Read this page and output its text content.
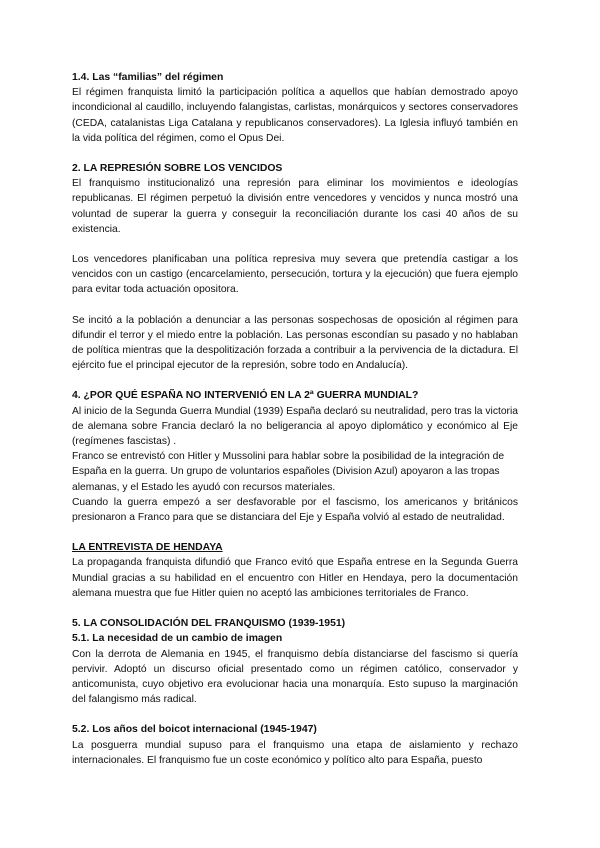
1.4. Las “familias” del régimen

El régimen franquista limitó la participación política a aquellos que habían demostrado apoyo incondicional al caudillo, incluyendo falangistas, carlistas, monárquicos y sectores conservadores (CEDA, catalanistas Liga Catalana y republicanos conservadores). La Iglesia influyó también en la vida política del régimen, como el Opus Dei.

2. LA REPRESIÓN SOBRE LOS VENCIDOS

El franquismo institucionalizó una represión para eliminar los movimientos e ideologías republicanas. El régimen perpetuó la división entre vencedores y vencidos y nunca mostró una voluntad de superar la guerra y conseguir la reconciliación durante los casi 40 años de su existencia.

Los vencedores planificaban una política represiva muy severa que pretendía castigar a los vencidos con un castigo (encarcelamiento, persecución, tortura y la ejecución) que fuera ejemplo para evitar toda actuación opositora.

Se incitó a la población a denunciar a las personas sospechosas de oposición al régimen para difundir el terror y el miedo entre la población. Las personas escondían su pasado y no hablaban de política mientras que la despolitización forzada a contribuir a la pervivencia de la dictadura. El ejército fue el principal ejecutor de la represión, sobre todo en Andalucía).

4. ¿POR QUÉ ESPAÑA NO INTERVENIÓ EN LA 2ª GUERRA MUNDIAL?

Al inicio de la Segunda Guerra Mundial (1939) España declaró su neutralidad, pero tras la victoria de alemana sobre Francia declaró la no beligerancia al apoyo diplomático y económico al Eje (regímenes fascistas) .

Franco se entrevistó con Hitler y Mussolini para hablar sobre la posibilidad de la integración de España en la guerra. Un grupo de voluntarios españoles (Division Azul) apoyaron a las tropas alemanas, y el Estado les ayudó con recursos materiales.

Cuando la guerra empezó a ser desfavorable por el fascismo, los americanos y británicos presionaron a Franco para que se distanciara del Eje y España volvió al estado de neutralidad.

LA ENTREVISTA DE HENDAYA

La propaganda franquista difundió que Franco evitó que España entrese en la Segunda Guerra Mundial gracias a su habilidad en el encuentro con Hitler en Hendaya, pero la documentación alemana muestra que fue Hitler quien no aceptó las ambiciones territoriales de Franco.

5. LA CONSOLIDACIÓN DEL FRANQUISMO (1939-1951)
5.1. La necesidad de un cambio de imagen

Con la derrota de Alemania en 1945, el franquismo debía distanciarse del fascismo si quería pervivir. Adoptó un discurso oficial presentado como un régimen católico, conservador y anticomunista, cuyo objetivo era evolucionar hacia una monarquía. Esto supuso la marginación del falangismo más radical.

5.2. Los años del boicot internacional (1945-1947)

La posguerra mundial supuso para el franquismo una etapa de aislamiento y rechazo internacionales. El franquismo fue un coste económico y político alto para España, puesto
